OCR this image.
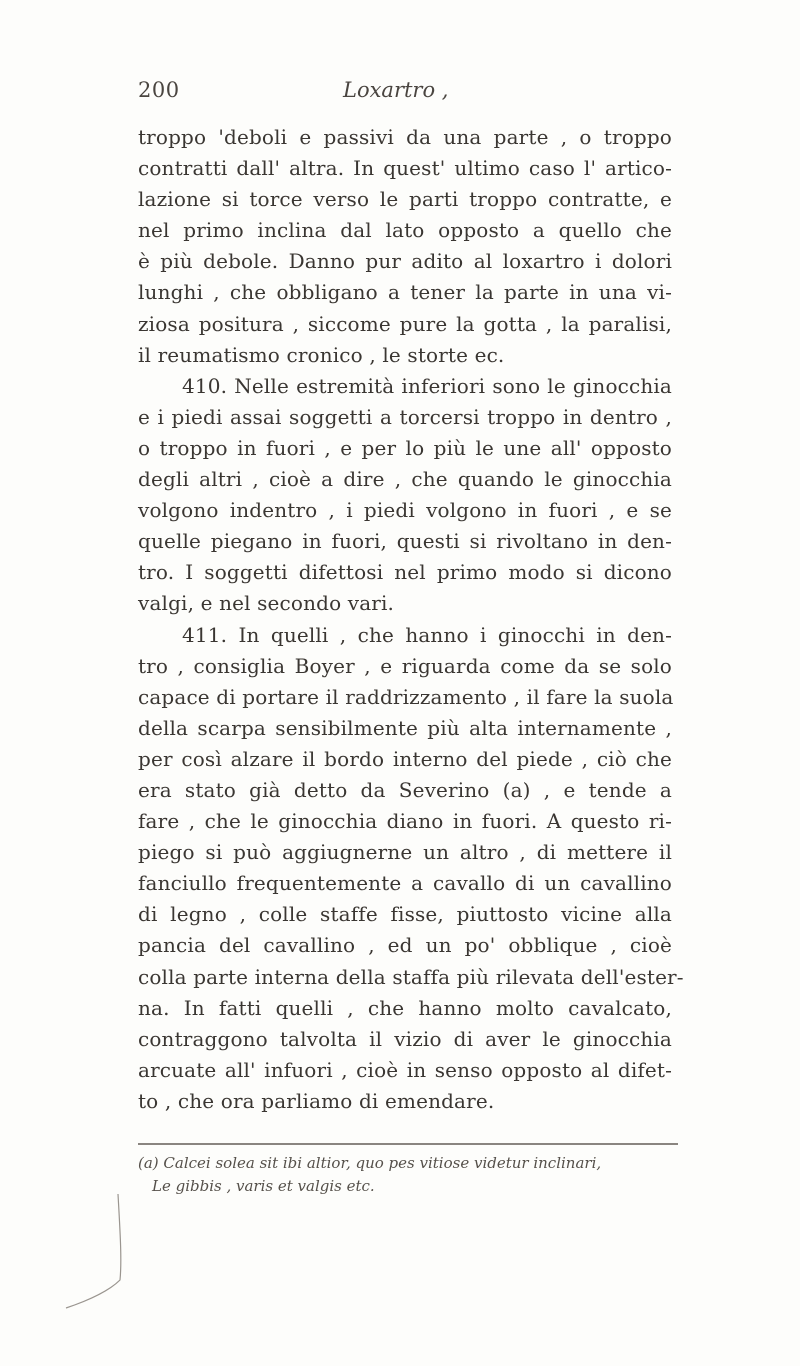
200	Loxartro ,
troppo 'deboli e passivi da una parte , o troppo
contratti dall' altra. In quest' ultimo caso l' artico-
lazione si torce verso le parti troppo contratte, e
nel primo inclina dal lato opposto a quello che
è più debole. Danno pur adito al loxartro i dolori
lunghi , che obbligano a tener la parte in una vi-
ziosa positura , siccome pure la gotta , la paralisi,
il reumatismo cronico , le storte ec.
410. Nelle estremità inferiori sono le ginocchia
e i piedi assai soggetti a torcersi troppo in dentro ,
o troppo in fuori , e per lo più le une all' opposto
degli altri , cioè a dire , che quando le ginocchia
volgono indentro , i piedi volgono in fuori , e se
quelle piegano in fuori, questi si rivoltano in den-
tro. I soggetti difettosi nel primo modo si dicono
valgi, e nel secondo vari.
411. In quelli , che hanno i ginocchi in den-
tro , consiglia Boyer , e riguarda come da se solo
capace di portare il raddrizzamento , il fare la suola
della scarpa sensibilmente più alta internamente ,
per così alzare il bordo interno del piede , ciò che
era stato già detto da Severino (a) , e tende a
fare , che le ginocchia diano in fuori. A questo ri-
piego si può aggiugnerne un altro , di mettere il
fanciullo frequentemente a cavallo di un cavallino
di legno , colle staffe fisse, piuttosto vicine alla
pancia del cavallino , ed un po' obblique , cioè
colla parte interna della staffa più rilevata dell'ester-
na. In fatti quelli , che hanno molto cavalcato,
contraggono talvolta il vizio di aver le ginocchia
arcuate all' infuori , cioè in senso opposto al difet-
to , che ora parliamo di emendare.
(a) Calcei solea sit ibi altior, quo pes vitiose videtur inclinari,
Le gibbis , varis et valgis etc.
